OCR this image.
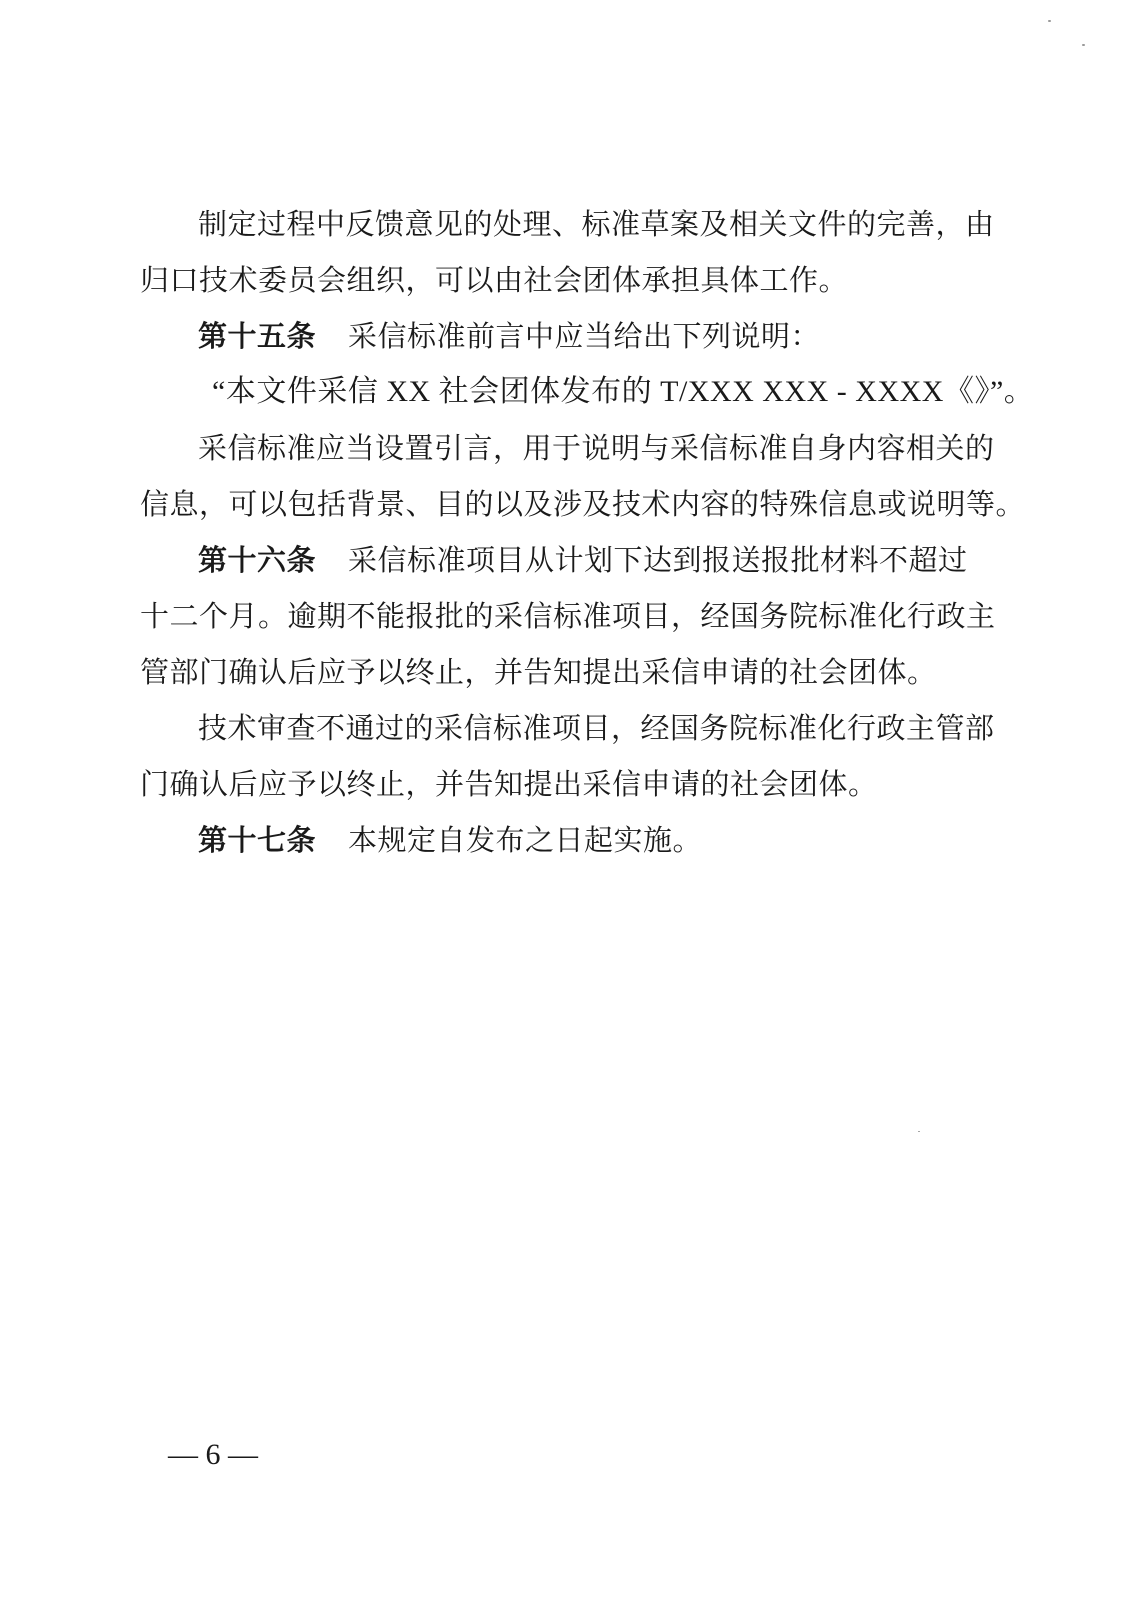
制定过程中反馈意见的处理、标准草案及相关文件的完善，由
归口技术委员会组织，可以由社会团体承担具体工作。
第十五条 采信标准前言中应当给出下列说明：
“本文件采信 XX 社会团体发布的 T/XXX XXX - XXXX《》”。
采信标准应当设置引言，用于说明与采信标准自身内容相关的
信息，可以包括背景、目的以及涉及技术内容的特殊信息或说明等。
第十六条 采信标准项目从计划下达到报送报批材料不超过
十二个月。逾期不能报批的采信标准项目，经国务院标准化行政主
管部门确认后应予以终止，并告知提出采信申请的社会团体。
技术审查不通过的采信标准项目，经国务院标准化行政主管部
门确认后应予以终止，并告知提出采信申请的社会团体。
第十七条 本规定自发布之日起实施。
— 6 —
